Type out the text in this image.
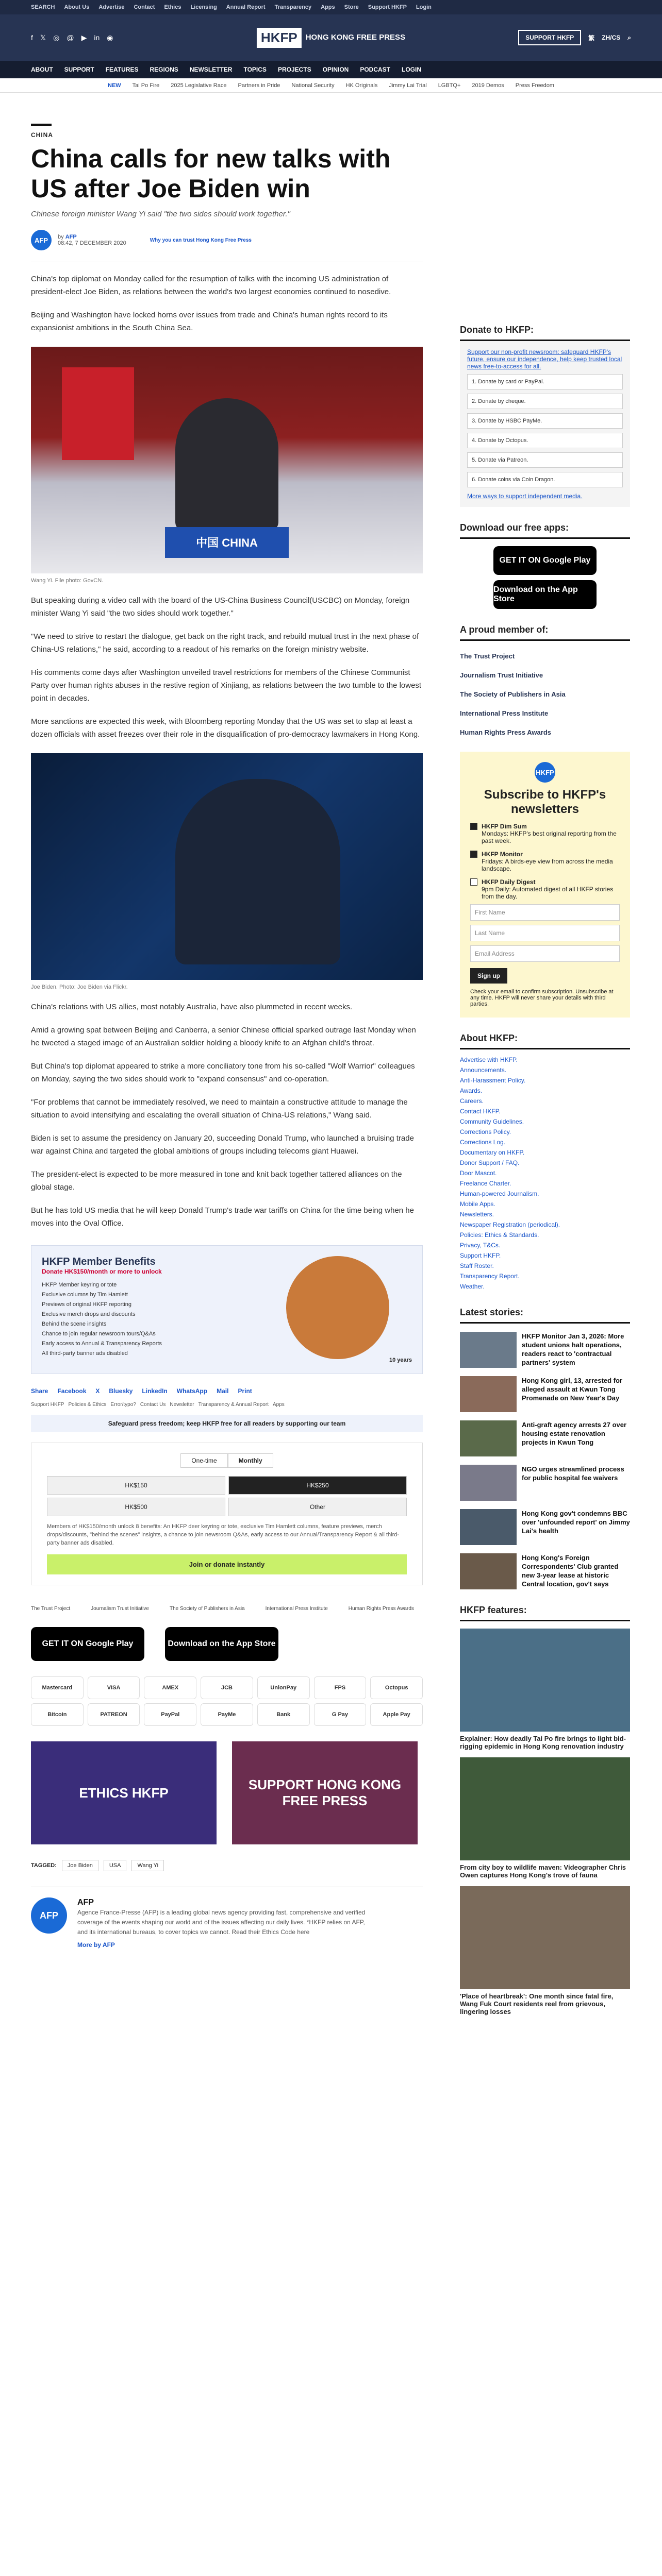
SEARCH About Us Advertise Contact Ethics Licensing Annual Report Transparency Apps Store Support HKFP Login
f 𝕏 ◎ @ ▶ in ◉	HKFP	HONG KONG FREE PRESS	SUPPORT HKFP	繁 ZH/CS ⌕
ABOUT SUPPORT FEATURES REGIONS NEWSLETTER TOPICS PROJECTS OPINION PODCAST LOGIN
NEW Tai Po Fire 2025 Legislative Race Partners in Pride National Security HK Originals Jimmy Lai Trial LGBTQ+ 2019 Demos Press Freedom
CHINA
China calls for new talks with US after Joe Biden win
Chinese foreign minister Wang Yi said "the two sides should work together."
AFP	by AFP
08:42, 7 DECEMBER 2020	Why you can trust Hong Kong Free Press

China's top diplomat on Monday called for the resumption of talks with the incoming US administration of president-elect Joe Biden, as relations between the world's two largest economies continued to nosedive.

Beijing and Washington have locked horns over issues from trade and China's human rights record to its expansionist ambitions in the South China Sea.

中国 CHINA
Wang Yi. File photo: GovCN.

But speaking during a video call with the board of the US-China Business Council(USCBC) on Monday, foreign minister Wang Yi said "the two sides should work together."

"We need to strive to restart the dialogue, get back on the right track, and rebuild mutual trust in the next phase of China-US relations," he said, according to a readout of his remarks on the foreign ministry website.

His comments come days after Washington unveiled travel restrictions for members of the Chinese Communist Party over human rights abuses in the restive region of Xinjiang, as relations between the two tumble to the lowest point in decades.

More sanctions are expected this week, with Bloomberg reporting Monday that the US was set to slap at least a dozen officials with asset freezes over their role in the disqualification of pro-democracy lawmakers in Hong Kong.

Joe Biden. Photo: Joe Biden via Flickr.

China's relations with US allies, most notably Australia, have also plummeted in recent weeks.

Amid a growing spat between Beijing and Canberra, a senior Chinese official sparked outrage last Monday when he tweeted a staged image of an Australian soldier holding a bloody knife to an Afghan child's throat.

But China's top diplomat appeared to strike a more conciliatory tone from his so-called "Wolf Warrior" colleagues on Monday, saying the two sides should work to "expand consensus" and co-operation.

"For problems that cannot be immediately resolved, we need to maintain a constructive attitude to manage the situation to avoid intensifying and escalating the overall situation of China-US relations," Wang said.

Biden is set to assume the presidency on January 20, succeeding Donald Trump, who launched a bruising trade war against China and targeted the global ambitions of groups including telecoms giant Huawei.

The president-elect is expected to be more measured in tone and knit back together tattered alliances on the global stage.

But he has told US media that he will keep Donald Trump's trade war tariffs on China for the time being when he moves into the Oval Office.

HKFP Member Benefits
Donate HK$150/month or more to unlock
HKFP Member keyring or tote
Exclusive columns by Tim Hamlett
Previews of original HKFP reporting
Exclusive merch drops and discounts
Behind the scene insights
Chance to join regular newsroom tours/Q&As
Early access to Annual & Transparency Reports
All third-party banner ads disabled
10 years
Share Facebook X Bluesky LinkedIn WhatsApp Mail Print
Support HKFP Policies & Ethics Error/typo? Contact Us Newsletter Transparency & Annual Report Apps
Safeguard press freedom; keep HKFP free for all readers by supporting our team
One-time	Monthly
HK$150	HK$250
HK$500	Other
Members of HK$150/month unlock 8 benefits: An HKFP deer keyring or tote, exclusive Tim Hamlett columns, feature previews, merch drops/discounts, "behind the scenes" insights, a chance to join newsroom Q&As, early access to our Annual/Transparency Report & all third-party banner ads disabled.
Join or donate instantly
The Trust Project	Journalism Trust Initiative	The Society of Publishers in Asia	International Press Institute	Human Rights Press Awards
GET IT ON Google Play	Download on the App Store
Mastercard	VISA	AMEX	JCB	UnionPay	FPS	Octopus
Bitcoin	PATREON	PayPal	PayMe	Bank	G Pay	Apple Pay
ETHICS HKFP
SUPPORT HONG KONG FREE PRESS
TAGGED:	Joe Biden	USA	Wang Yi
AFP
AFP
Agence France-Presse (AFP) is a leading global news agency providing fast, comprehensive and verified coverage of the events shaping our world and of the issues affecting our daily lives. *HKFP relies on AFP, and its international bureaus, to cover topics we cannot. Read their Ethics Code here
More by AFP
Donate to HKFP:
Support our non-profit newsroom: safeguard HKFP's future, ensure our independence, help keep trusted local news free-to-access for all.
1. Donate by card or PayPal.
2. Donate by cheque.
3. Donate by HSBC PayMe.
4. Donate by Octopus.
5. Donate via Patreon.
6. Donate coins via Coin Dragon.
More ways to support independent media.
Download our free apps:
GET IT ON Google Play
Download on the App Store
A proud member of:
The Trust Project
Journalism Trust Initiative
The Society of Publishers in Asia
International Press Institute
Human Rights Press Awards
HKFP
Subscribe to HKFP's newsletters
HKFP Dim Sum
Mondays: HKFP's best original reporting from the past week.
HKFP Monitor
Fridays: A birds-eye view from across the media landscape.
HKFP Daily Digest
9pm Daily: Automated digest of all HKFP stories from the day.
First Name
Last Name
Email Address
Sign up
Check your email to confirm subscription. Unsubscribe at any time. HKFP will never share your details with third parties.
About HKFP:
Advertise with HKFP.
Announcements.
Anti-Harassment Policy.
Awards.
Careers.
Contact HKFP.
Community Guidelines.
Corrections Policy.
Corrections Log.
Documentary on HKFP.
Donor Support / FAQ.
Door Mascot.
Freelance Charter.
Human-powered Journalism.
Mobile Apps.
Newsletters.
Newspaper Registration (periodical).
Policies: Ethics & Standards.
Privacy, T&Cs.
Support HKFP.
Staff Roster.
Transparency Report.
Weather.
Latest stories:
HKFP Monitor Jan 3, 2026: More student unions halt operations, readers react to 'contractual partners' system
Hong Kong girl, 13, arrested for alleged assault at Kwun Tong Promenade on New Year's Day
Anti-graft agency arrests 27 over housing estate renovation projects in Kwun Tong
NGO urges streamlined process for public hospital fee waivers
Hong Kong gov't condemns BBC over 'unfounded report' on Jimmy Lai's health
Hong Kong's Foreign Correspondents' Club granted new 3-year lease at historic Central location, gov't says
HKFP features:
Explainer: How deadly Tai Po fire brings to light bid-rigging epidemic in Hong Kong renovation industry
From city boy to wildlife maven: Videographer Chris Owen captures Hong Kong's trove of fauna
'Place of heartbreak': One month since fatal fire, Wang Fuk Court residents reel from grievous, lingering losses
